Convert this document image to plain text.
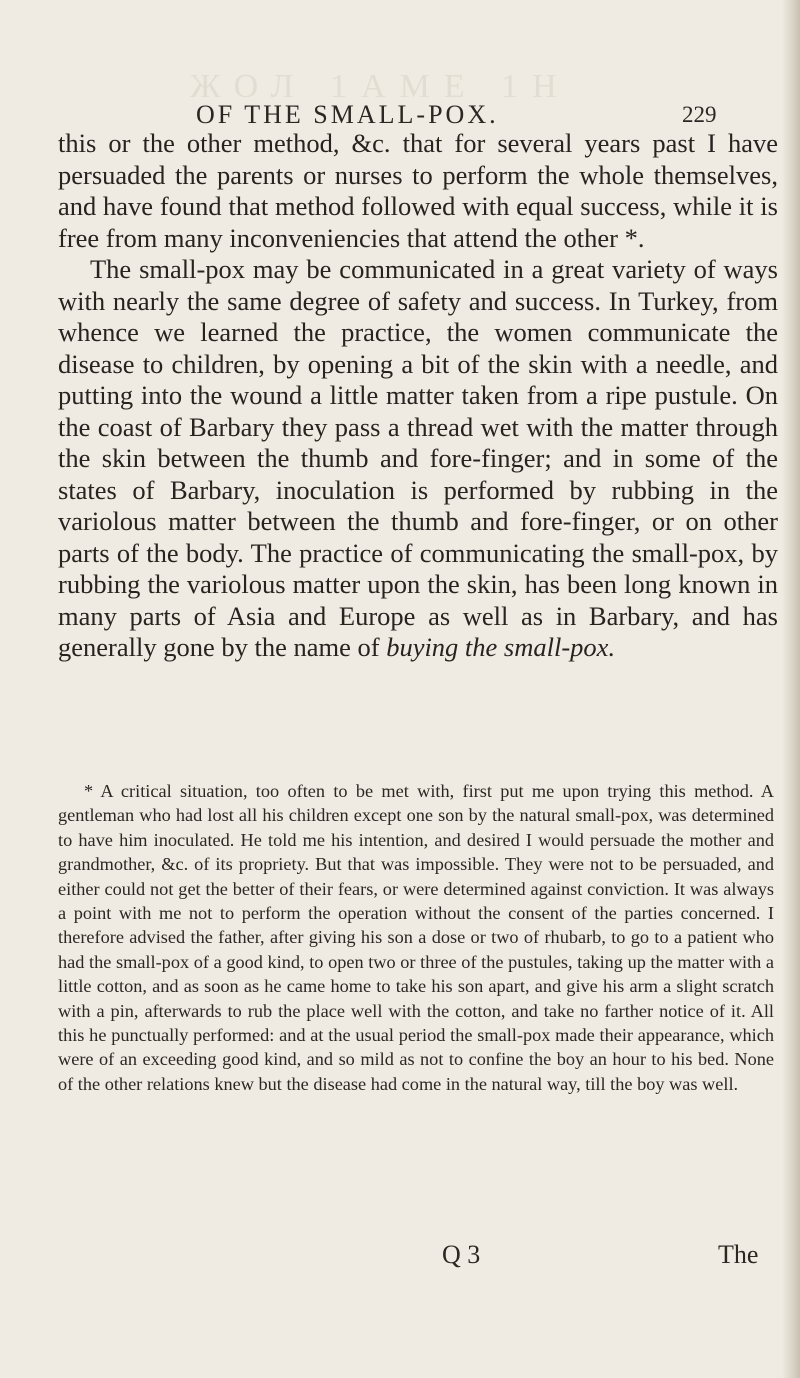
ЖОЛ 1АМЕ 1Н
OF THE SMALL-POX.	229

this or the other method, &c. that for several years past I have persuaded the parents or nurses to perform the whole themselves, and have found that method followed with equal success, while it is free from many inconveniencies that attend the other *.

The small-pox may be communicated in a great variety of ways with nearly the same degree of safety and success. In Turkey, from whence we learned the practice, the women communicate the disease to children, by opening a bit of the skin with a needle, and putting into the wound a little matter taken from a ripe pustule. On the coast of Barbary they pass a thread wet with the matter through the skin between the thumb and fore-finger; and in some of the states of Barbary, inoculation is performed by rubbing in the variolous matter between the thumb and fore-finger, or on other parts of the body. The practice of communicating the small-pox, by rubbing the variolous matter upon the skin, has been long known in many parts of Asia and Europe as well as in Barbary, and has generally gone by the name of buying the small-pox.

* A critical situation, too often to be met with, first put me upon trying this method. A gentleman who had lost all his children except one son by the natural small-pox, was determined to have him inoculated. He told me his intention, and desired I would persuade the mother and grandmother, &c. of its propriety. But that was impossible. They were not to be persuaded, and either could not get the better of their fears, or were determined against conviction. It was always a point with me not to perform the operation without the consent of the parties concerned. I therefore advised the father, after giving his son a dose or two of rhubarb, to go to a patient who had the small-pox of a good kind, to open two or three of the pustules, taking up the matter with a little cotton, and as soon as he came home to take his son apart, and give his arm a slight scratch with a pin, afterwards to rub the place well with the cotton, and take no farther notice of it. All this he punctually performed: and at the usual period the small-pox made their appearance, which were of an exceeding good kind, and so mild as not to confine the boy an hour to his bed. None of the other relations knew but the disease had come in the natural way, till the boy was well.

Q 3	The
